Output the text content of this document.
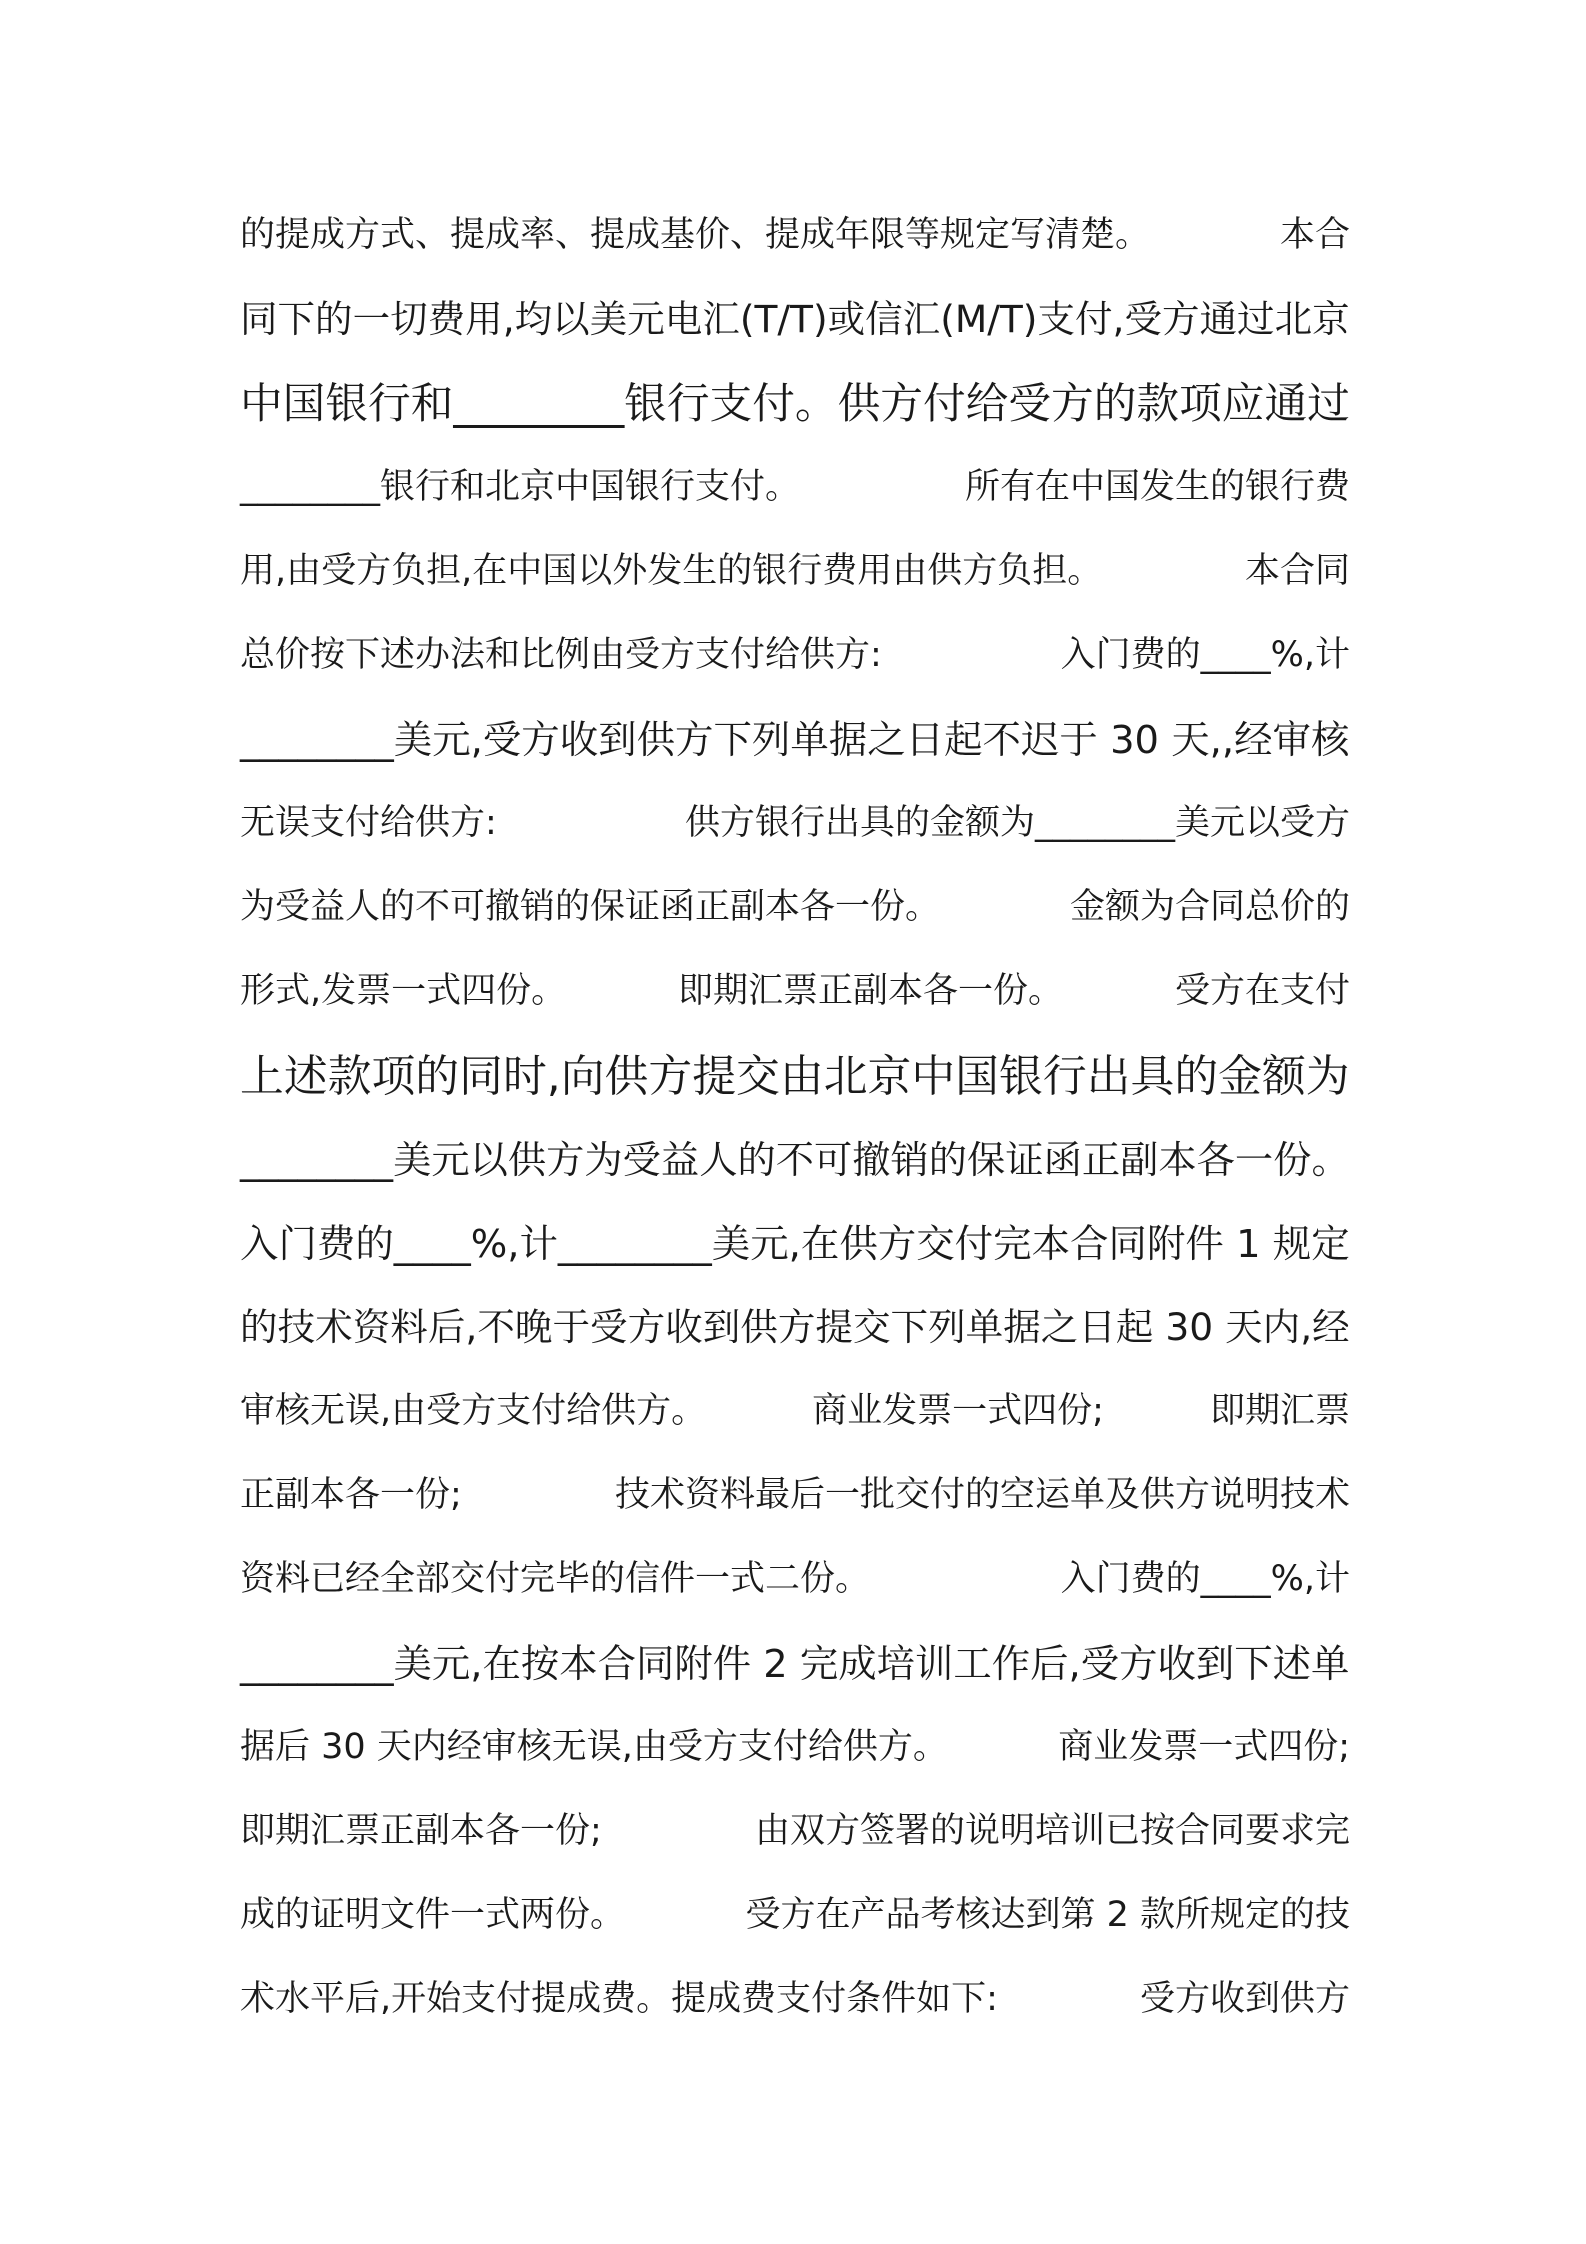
的提成方式、提成率、提成基价、提成年限等规定写清楚。	本合
同下的一切费用,均以美元电汇(T/T)或信汇(M/T)支付,受方通过北京
中国银行和________银行支付。供方付给受方的款项应通过
________银行和北京中国银行支付。	所有在中国发生的银行费
用,由受方负担,在中国以外发生的银行费用由供方负担。	本合同
总价按下述办法和比例由受方支付给供方:	入门费的____%,计
________美元,受方收到供方下列单据之日起不迟于 30 天,,经审核
无误支付给供方:	供方银行出具的金额为________美元以受方
为受益人的不可撤销的保证函正副本各一份。	金额为合同总价的
形式,发票一式四份。	即期汇票正副本各一份。	受方在支付
上述款项的同时,向供方提交由北京中国银行出具的金额为
________美元以供方为受益人的不可撤销的保证函正副本各一份。
入门费的____%,计________美元,在供方交付完本合同附件 1 规定
的技术资料后,不晚于受方收到供方提交下列单据之日起 30 天内,经
审核无误,由受方支付给供方。	商业发票一式四份;	即期汇票
正副本各一份;	技术资料最后一批交付的空运单及供方说明技术
资料已经全部交付完毕的信件一式二份。	入门费的____%,计
________美元,在按本合同附件 2 完成培训工作后,受方收到下述单
据后 30 天内经审核无误,由受方支付给供方。	商业发票一式四份;
即期汇票正副本各一份;	由双方签署的说明培训已按合同要求完
成的证明文件一式两份。	受方在产品考核达到第 2 款所规定的技
术水平后,开始支付提成费。提成费支付条件如下:	受方收到供方
